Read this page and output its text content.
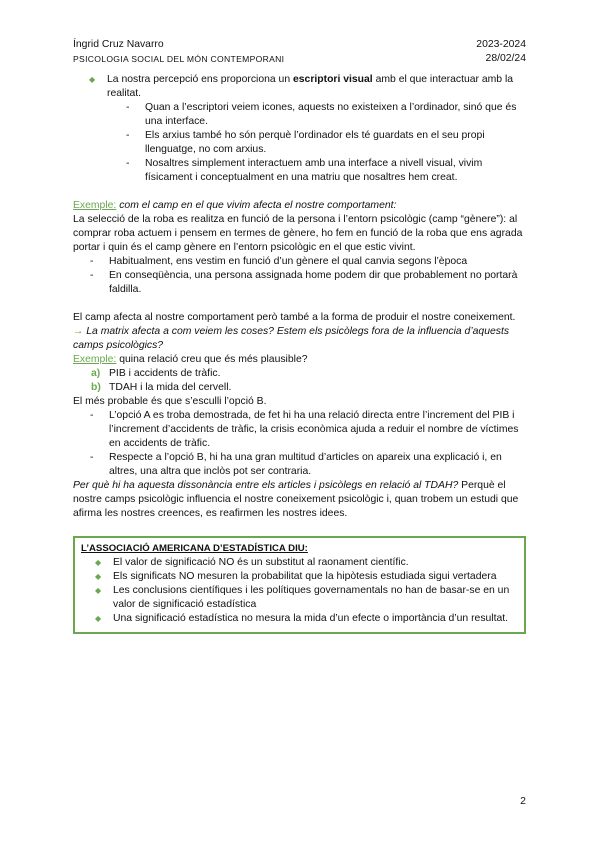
Íngrid Cruz Navarro	2023-2024
PSICOLOGIA SOCIAL DEL MÓN CONTEMPORANI	28/02/24
◆ La nostra percepció ens proporciona un escriptori visual amb el que interactuar amb la realitat.
- Quan a l’escriptori veiem icones, aquests no existeixen a l’ordinador, sinó que és una interface.
- Els arxius també ho són perquè l’ordinador els té guardats en el seu propi llenguatge, no com arxius.
- Nosaltres simplement interactuem amb una interface a nivell visual, vivim físicament i conceptualment en una matriu que nosaltres hem creat.

Exemple: com el camp en el que vivim afecta el nostre comportament:

La selecció de la roba es realitza en funció de la persona i l’entorn psicològic (camp “gènere”): al comprar roba actuem i pensem en termes de gènere, ho fem en funció de la roba que ens agrada portar i quin és el camp gènere en l’entorn psicològic en el que estic vivint.

- Habitualment, ens vestim en funció d’un gènere el qual canvia segons l’època
- En conseqüència, una persona assignada home podem dir que probablement no portarà faldilla.

El camp afecta al nostre comportament però també a la forma de produir el nostre coneixement. → La matrix afecta a com veiem les coses? Estem els psicòlegs fora de la influencia d’aquests camps psicològics?

Exemple: quina relació creu que és més plausible?

a) PIB i accidents de tràfic.
b) TDAH i la mida del cervell.

El més probable és que s’esculli l’opció B.

- L’opció A es troba demostrada, de fet hi ha una relació directa entre l’increment del PIB i l’increment d’accidents de tràfic, la crisis econòmica ajuda a reduir el nombre de víctimes en accidents de tràfic.
- Respecte a l’opció B, hi ha una gran multitud d’articles on apareix una explicació i, en altres, una altra que inclòs pot ser contraria.

Per què hi ha aquesta dissonància entre els articles i psicòlegs en relació al TDAH? Perquè el nostre camps psicològic influencia el nostre coneixement psicològic i, quan trobem un estudi que afirma les nostres creences, es reafirmen les nostres idees.

L’ASSOCIACIÓ AMERICANA D’ESTADÍSTICA DIU:
◆ El valor de significació NO és un substitut al raonament científic.
◆ Els significats NO mesuren la probabilitat que la hipòtesis estudiada sigui vertadera
◆ Les conclusions científiques i les polítiques governamentals no han de basar-se en un valor de significació estadística
◆ Una significació estadística no mesura la mida d’un efecte o importància d’un resultat.
2
